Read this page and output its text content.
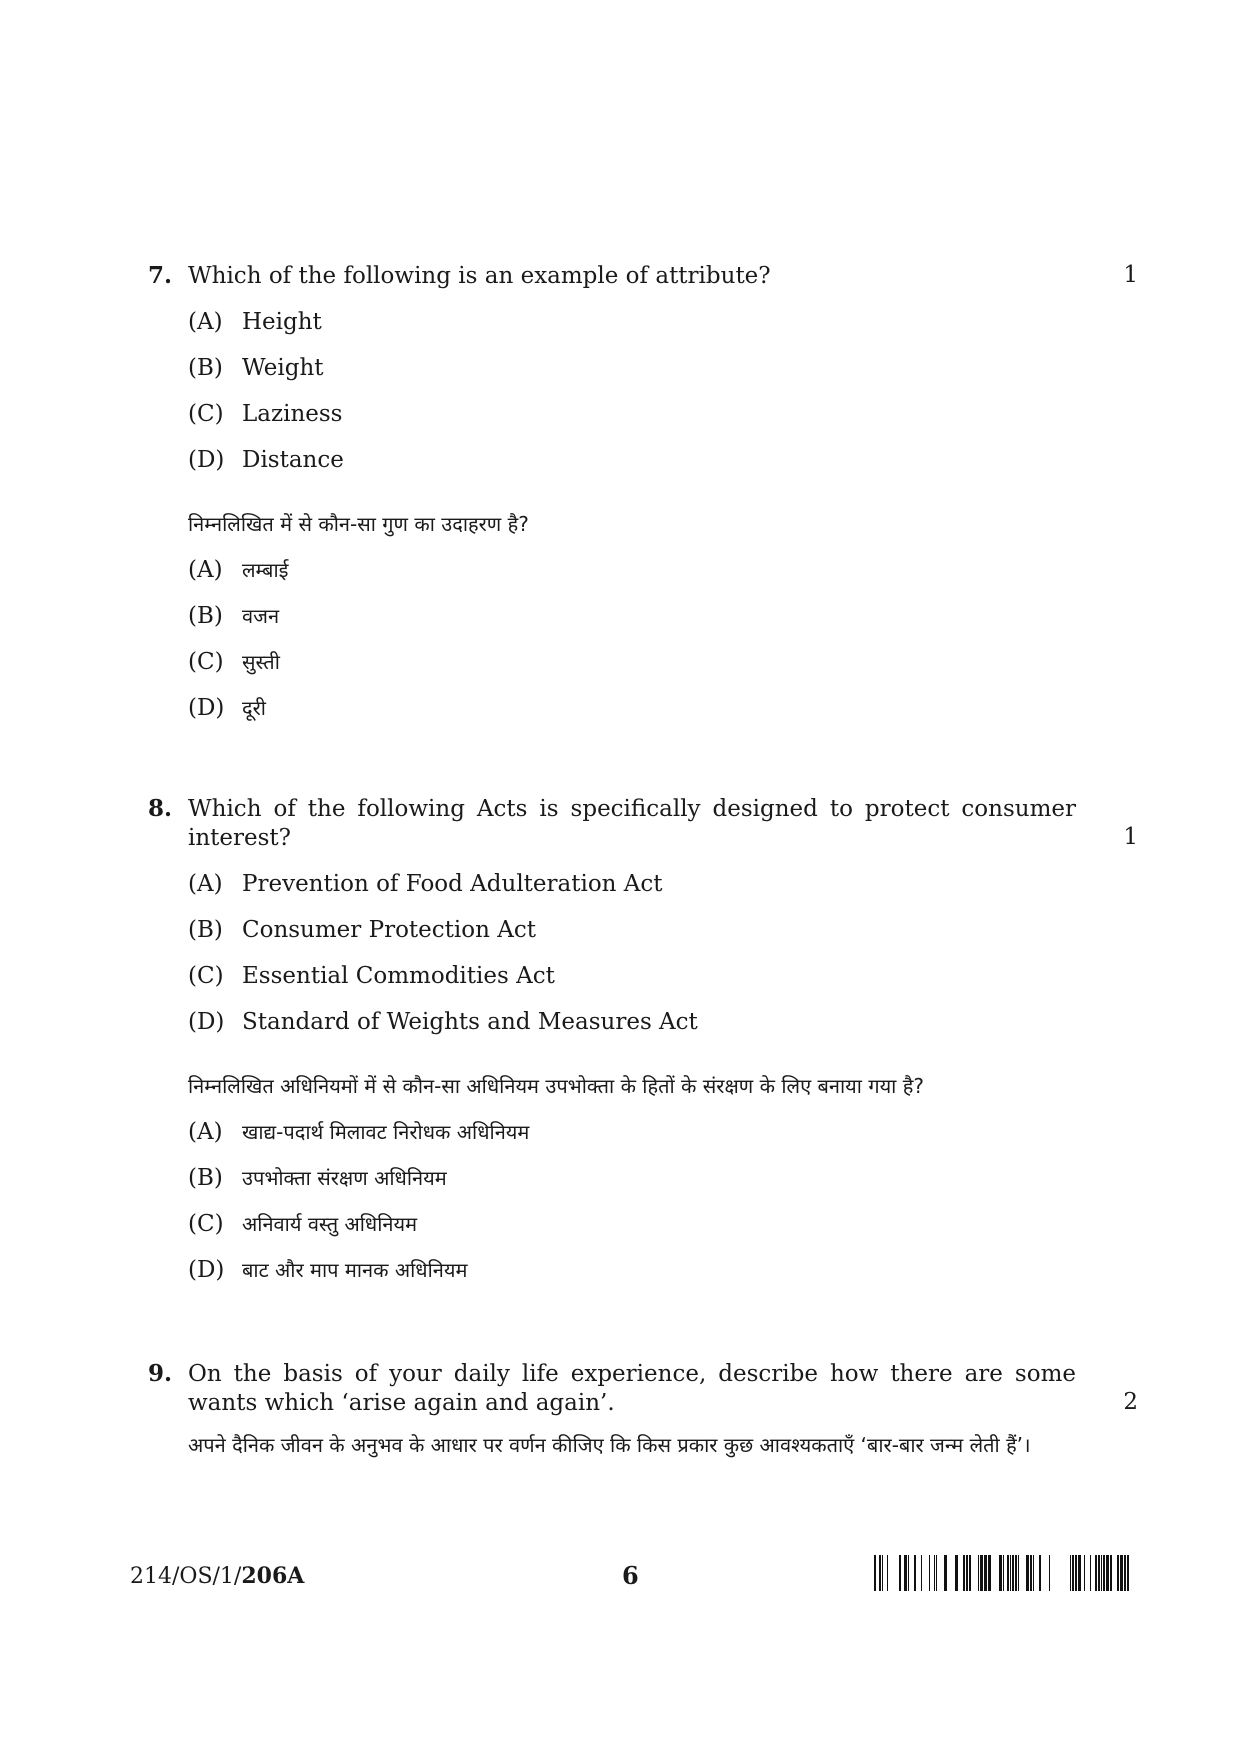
7. Which of the following is an example of attribute?	1
(A) Height
(B) Weight
(C) Laziness
(D) Distance
निम्नलिखित में से कौन-सा गुण का उदाहरण है?
(A) लम्बाई
(B) वजन
(C) सुस्ती
(D) दूरी
8. Which of the following Acts is specifically designed to protect consumer interest?	1
(A) Prevention of Food Adulteration Act
(B) Consumer Protection Act
(C) Essential Commodities Act
(D) Standard of Weights and Measures Act
निम्नलिखित अधिनियमों में से कौन-सा अधिनियम उपभोक्ता के हितों के संरक्षण के लिए बनाया गया है?
(A) खाद्य-पदार्थ मिलावट निरोधक अधिनियम
(B) उपभोक्ता संरक्षण अधिनियम
(C) अनिवार्य वस्तु अधिनियम
(D) बाट और माप मानक अधिनियम
9. On the basis of your daily life experience, describe how there are some wants which ‘arise again and again’.	2
अपने दैनिक जीवन के अनुभव के आधार पर वर्णन कीजिए कि किस प्रकार कुछ आवश्यकताएँ ‘बार-बार जन्म लेती हैं’।
214/OS/1/206A	6
